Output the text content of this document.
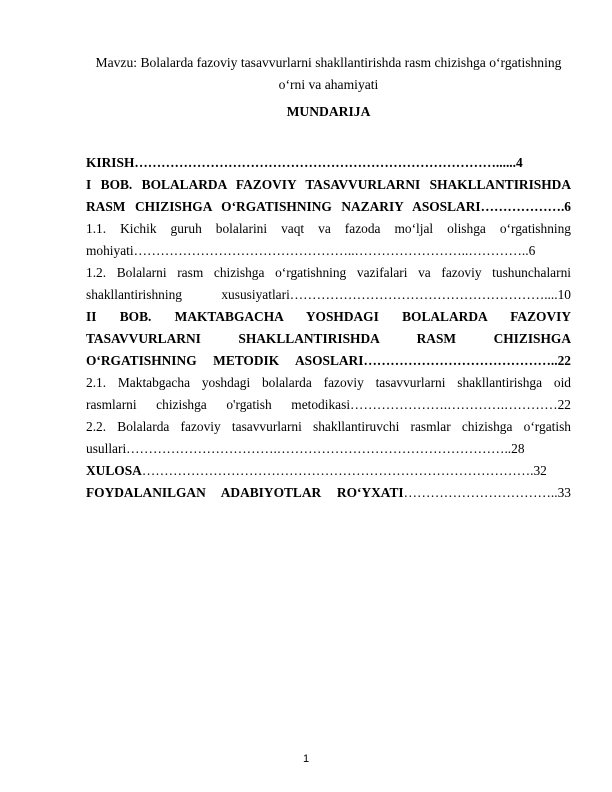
Mavzu: Bolalarda fazoviy tasavvurlarni shakllantirishda rasm chizishga o‘rgatishning
o‘rni va ahamiyati
MUNDARIJA

KIRISH………………………………………………………………………......4

I BOB. BOLALARDA FAZOVIY TASAVVURLARNI SHAKLLANTIRISHDA

RASM CHIZISHGA O‘RGATISHNING NAZARIY ASOSLARI……………….6

1.1. Kichik guruh bolalarini vaqt va fazoda mo‘ljal olishga o‘rgatishning

mohiyati…………………………………………..……………………..…………..6

1.2. Bolalarni rasm chizishga o‘rgatishning vazifalari va fazoviy tushunchalarni

shakllantirishning xususiyatlari…………………………………………………....10

II BOB. MAKTABGACHA YOSHDAGI BOLALARDA FAZOVIY

TASAVVURLARNI SHAKLLANTIRISHDA RASM CHIZISHGA

O‘RGATISHNING METODIK ASOSLARI……………………………………..22

2.1. Maktabgacha yoshdagi bolalarda fazoviy tasavvurlarni shakllantirishga oid

rasmlarni chizishga o'rgatish metodikasi………………….………….…………22

2.2. Bolalarda fazoviy tasavvurlarni shakllantiruvchi rasmlar chizishga o‘rgatish

usullari…………………………….……………………………………………..28

XULOSA…………………………………………………………………………….32

FOYDALANILGAN ADABIYOTLAR RO‘YXATI……………………………..33

1
